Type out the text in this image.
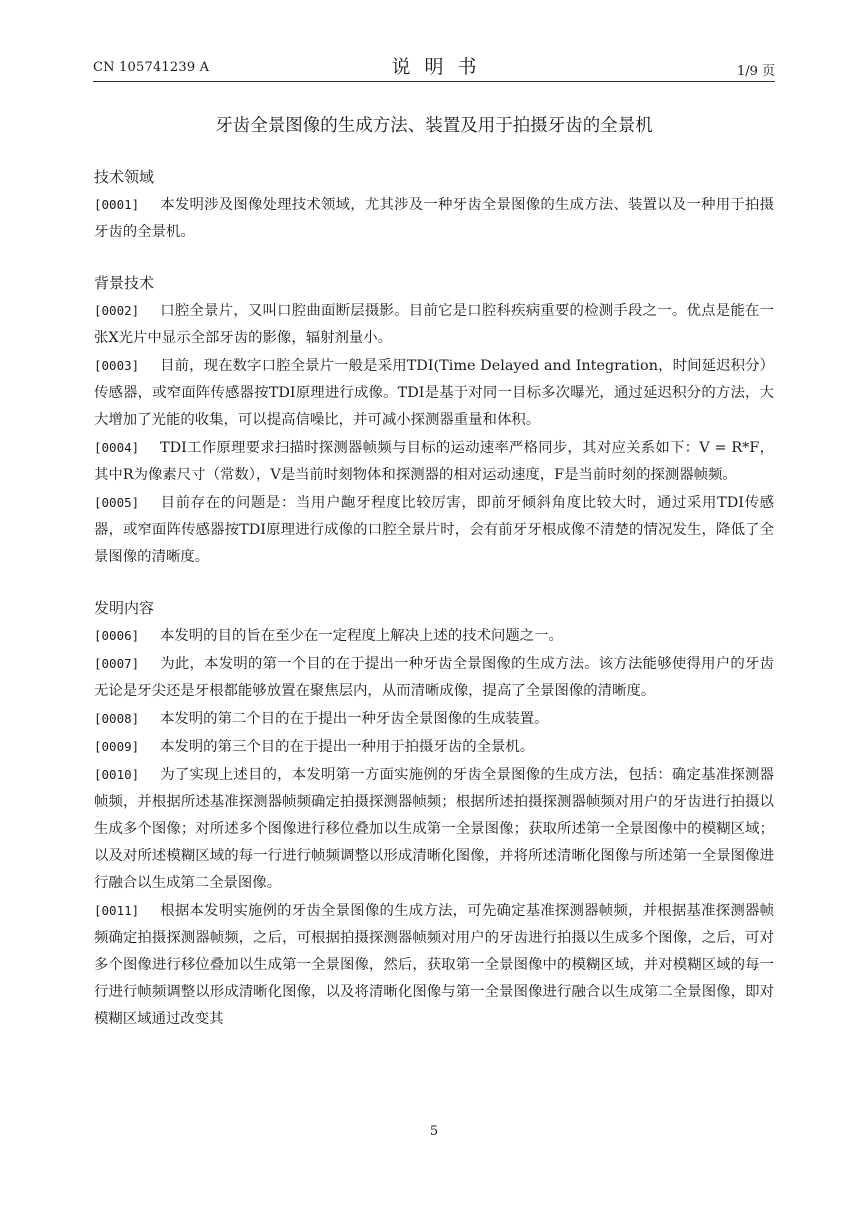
CN 105741239 A	说明书	1/9 页
牙齿全景图像的生成方法、装置及用于拍摄牙齿的全景机
技术领域
[0001] 本发明涉及图像处理技术领域，尤其涉及一种牙齿全景图像的生成方法、装置以及一种用于拍摄牙齿的全景机。
背景技术
[0002] 口腔全景片，又叫口腔曲面断层摄影。目前它是口腔科疾病重要的检测手段之一。优点是能在一张X光片中显示全部牙齿的影像，辐射剂量小。
[0003] 目前，现在数字口腔全景片一般是采用TDI(Time Delayed and Integration，时间延迟积分）传感器，或窄面阵传感器按TDI原理进行成像。TDI是基于对同一目标多次曝光，通过延迟积分的方法，大大增加了光能的收集，可以提高信噪比，并可减小探测器重量和体积。
[0004] TDI工作原理要求扫描时探测器帧频与目标的运动速率严格同步，其对应关系如下：V = R*F，其中R为像素尺寸（常数），V是当前时刻物体和探测器的相对运动速度，F是当前时刻的探测器帧频。
[0005] 目前存在的问题是：当用户龅牙程度比较厉害，即前牙倾斜角度比较大时，通过采用TDI传感器，或窄面阵传感器按TDI原理进行成像的口腔全景片时，会有前牙牙根成像不清楚的情况发生，降低了全景图像的清晰度。
发明内容
[0006] 本发明的目的旨在至少在一定程度上解决上述的技术问题之一。
[0007] 为此，本发明的第一个目的在于提出一种牙齿全景图像的生成方法。该方法能够使得用户的牙齿无论是牙尖还是牙根都能够放置在聚焦层内，从而清晰成像，提高了全景图像的清晰度。
[0008] 本发明的第二个目的在于提出一种牙齿全景图像的生成装置。
[0009] 本发明的第三个目的在于提出一种用于拍摄牙齿的全景机。
[0010] 为了实现上述目的，本发明第一方面实施例的牙齿全景图像的生成方法，包括：确定基准探测器帧频，并根据所述基准探测器帧频确定拍摄探测器帧频；根据所述拍摄探测器帧频对用户的牙齿进行拍摄以生成多个图像；对所述多个图像进行移位叠加以生成第一全景图像；获取所述第一全景图像中的模糊区域；以及对所述模糊区域的每一行进行帧频调整以形成清晰化图像，并将所述清晰化图像与所述第一全景图像进行融合以生成第二全景图像。
[0011] 根据本发明实施例的牙齿全景图像的生成方法，可先确定基准探测器帧频，并根据基准探测器帧频确定拍摄探测器帧频，之后，可根据拍摄探测器帧频对用户的牙齿进行拍摄以生成多个图像，之后，可对多个图像进行移位叠加以生成第一全景图像，然后，获取第一全景图像中的模糊区域，并对模糊区域的每一行进行帧频调整以形成清晰化图像，以及将清晰化图像与第一全景图像进行融合以生成第二全景图像，即对模糊区域通过改变其
5
